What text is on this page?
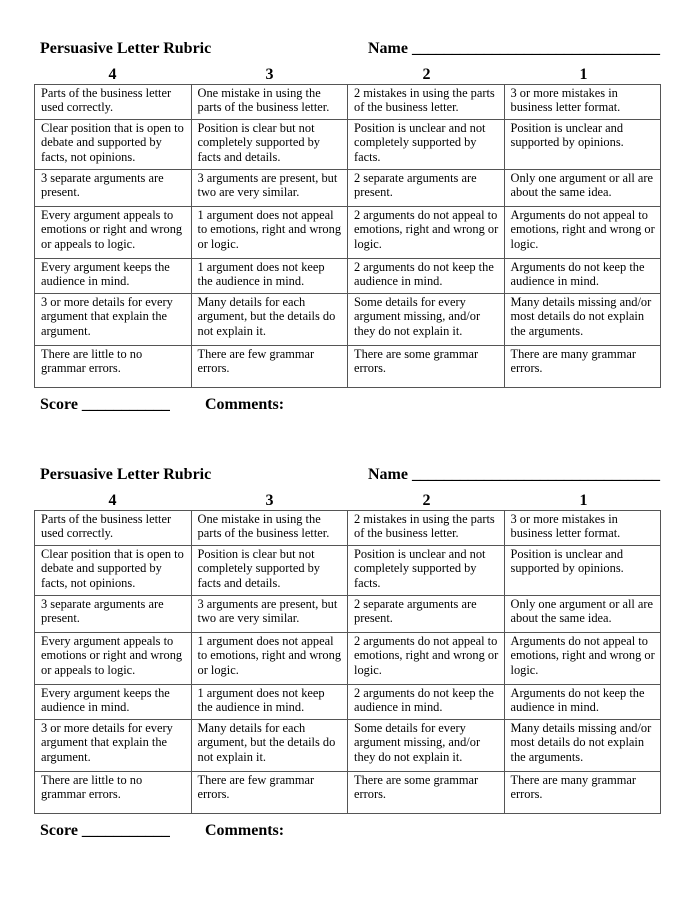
Persuasive Letter Rubric	Name _______________________________
4	3	2	1
Parts of the business letter used correctly.	One mistake in using the parts of the business letter.	2 mistakes in using the parts of the business letter.	3 or more mistakes in business letter format.
Clear position that is open to debate and supported by facts, not opinions.	Position is clear but not completely supported by facts and details.	Position is unclear and not completely supported by facts.	Position is unclear and supported by opinions.
3 separate arguments are present.	3 arguments are present, but two are very similar.	2 separate arguments are present.	Only one argument or all are about the same idea.
Every argument appeals to emotions or right and wrong or appeals to logic.	1 argument does not appeal to emotions, right and wrong or logic.	2 arguments do not appeal to emotions, right and wrong or logic.	Arguments do not appeal to emotions, right and wrong or logic.
Every argument keeps the audience in mind.	1 argument does not keep the audience in mind.	2 arguments do not keep the audience in mind.	Arguments do not keep the audience in mind.
3 or more details for every argument that explain the argument.	Many details for each argument, but the details do not explain it.	Some details for every argument missing, and/or they do not explain it.	Many details missing and/or most details do not explain the arguments.
There are little to no grammar errors.	There are few grammar errors.	There are some grammar errors.	There are many grammar errors.
Score ___________ Comments:
Persuasive Letter Rubric	Name _______________________________
4	3	2	1
Parts of the business letter used correctly.	One mistake in using the parts of the business letter.	2 mistakes in using the parts of the business letter.	3 or more mistakes in business letter format.
Clear position that is open to debate and supported by facts, not opinions.	Position is clear but not completely supported by facts and details.	Position is unclear and not completely supported by facts.	Position is unclear and supported by opinions.
3 separate arguments are present.	3 arguments are present, but two are very similar.	2 separate arguments are present.	Only one argument or all are about the same idea.
Every argument appeals to emotions or right and wrong or appeals to logic.	1 argument does not appeal to emotions, right and wrong or logic.	2 arguments do not appeal to emotions, right and wrong or logic.	Arguments do not appeal to emotions, right and wrong or logic.
Every argument keeps the audience in mind.	1 argument does not keep the audience in mind.	2 arguments do not keep the audience in mind.	Arguments do not keep the audience in mind.
3 or more details for every argument that explain the argument.	Many details for each argument, but the details do not explain it.	Some details for every argument missing, and/or they do not explain it.	Many details missing and/or most details do not explain the arguments.
There are little to no grammar errors.	There are few grammar errors.	There are some grammar errors.	There are many grammar errors.
Score ___________ Comments:
